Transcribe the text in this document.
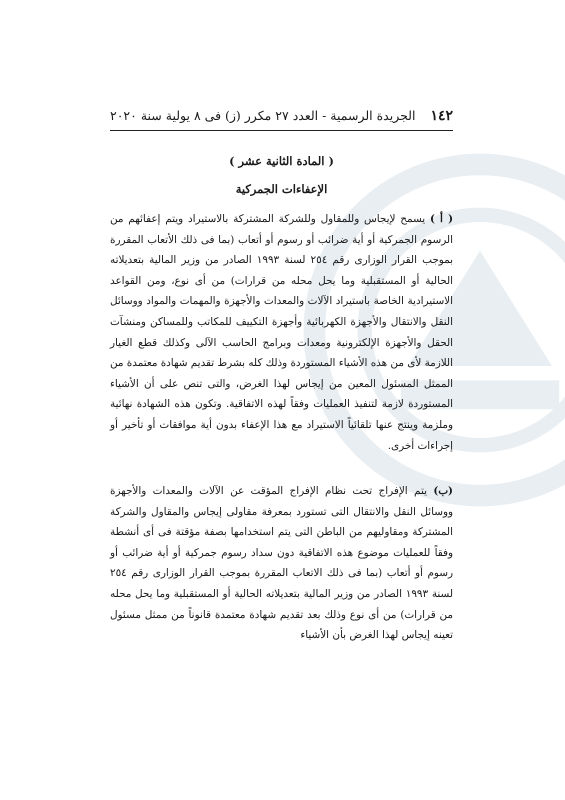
١٤٢
الجريدة الرسمية - العدد ٢٧ مكرر (ز) فى ٨ يولية سنة ٢٠٢٠
( المادة الثانية عشر )
الإعفاءات الجمركية
( أ ) يسمح لإيجاس وللمقاول وللشركة المشتركة بالاستيراد ويتم إعفائهم من الرسوم الجمركية أو أية ضرائب أو رسوم أو أتعاب (بما فى ذلك الأتعاب المقررة بموجب القرار الوزارى رقم ٢٥٤ لسنة ١٩٩٣ الصادر من وزير المالية بتعديلاته الحالية أو المستقبلية وما يحل محله من قرارات) من أى نوع، ومن القواعد الاستيرادية الخاصة باستيراد الآلات والمعدات والأجهزة والمهمات والمواد ووسائل النقل والانتقال والأجهزة الكهربائية وأجهزة التكييف للمكاتب وللمساكن ومنشآت الحقل والأجهزة الإلكترونية ومعدات وبرامج الحاسب الآلى وكذلك قطع الغيار اللازمة لأى من هذه الأشياء المستوردة وذلك كله بشرط تقديم شهادة معتمدة من الممثل المسئول المعين من إيجاس لهذا الغرض، والتى تنص على أن الأشياء المستوردة لازمة لتنفيذ العمليات وفقاً لهذه الاتفاقية. وتكون هذه الشهادة نهائية وملزمة وينتج عنها تلقائياً الاستيراد مع هذا الإعفاء بدون أية موافقات أو تأخير أو إجراءات أخرى.
(ب) يتم الإفراج تحت نظام الإفراج المؤقت عن الآلات والمعدات والأجهزة ووسائل النقل والانتقال التى تستورد بمعرفة مقاولى إيجاس والمقاول والشركة المشتركة ومقاوليهم من الباطن التى يتم استخدامها بصفة مؤقتة فى أى أنشطة وفقاً للعمليات موضوع هذه الاتفاقية دون سداد رسوم جمركية أو أية ضرائب أو رسوم أو أتعاب (بما فى ذلك الاتعاب المقررة بموجب القرار الوزارى رقم ٢٥٤ لسنة ١٩٩٣ الصادر من وزير المالية بتعديلاته الحالية أو المستقبلية وما يحل محله من قرارات) من أى نوع وذلك بعد تقديم شهادة معتمدة قانوناً من ممثل مسئول تعينه إيجاس لهذا الغرض بأن الأشياء
